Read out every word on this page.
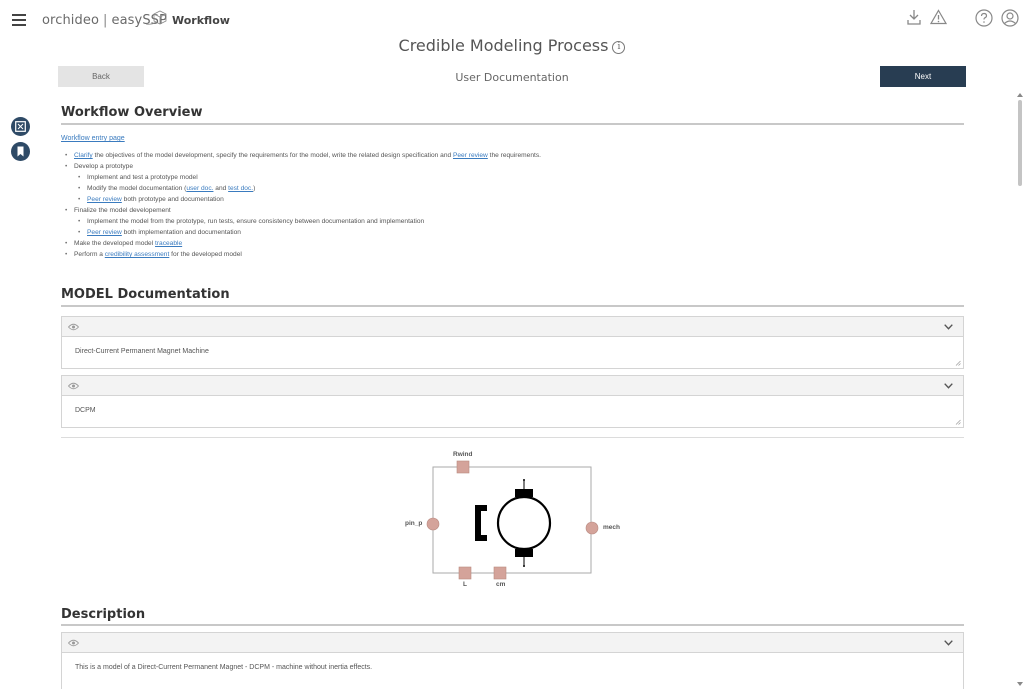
orchideo | easySSP Workflow
Credible Modeling Process i
Back	User Documentation	Next
Workflow Overview
Workflow entry page
• Clarify the objectives of the model development, specify the requirements for the model, write the related design specification and Peer review the requirements.
• Develop a prototype
• Implement and test a prototype model
• Modify the model documentation (user doc. and test doc.)
• Peer review both prototype and documentation
• Finalize the model developement
• Implement the model from the prototype, run tests, ensure consistency between documentation and implementation
• Peer review both implementation and documentation
• Make the developed model traceable
• Perform a credibility assessment for the developed model
MODEL Documentation
Direct-Current Permanent Magnet Machine
DCPM
Rwind
pin_p
mech
L	cm
Description
This is a model of a Direct-Current Permanent Magnet - DCPM - machine without inertia effects.
